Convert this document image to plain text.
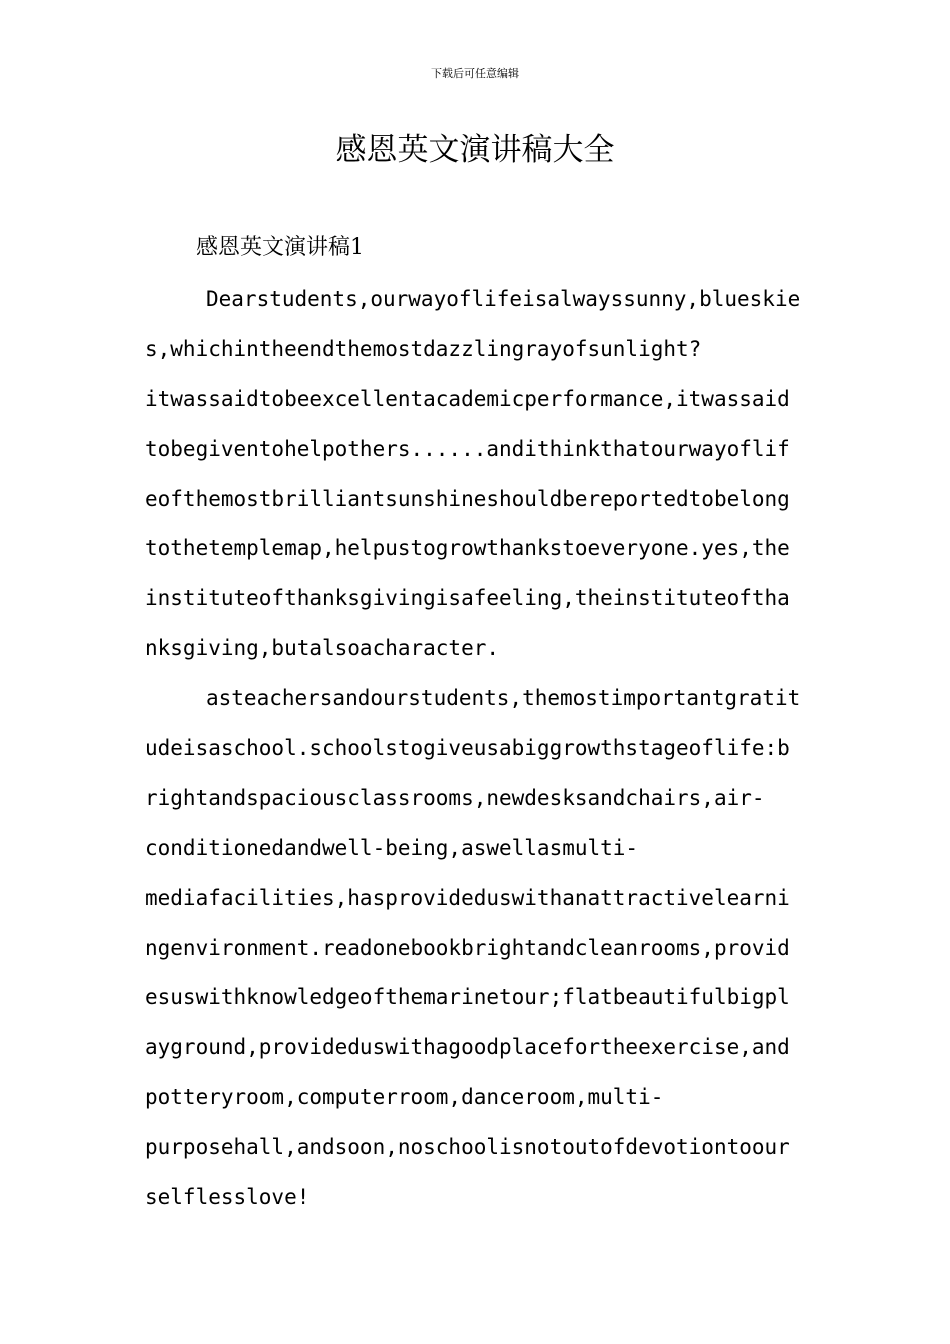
下载后可任意编辑
感恩英文演讲稿大全
感恩英文演讲稿1
Dearstudents,ourwayoflifeisalwayssunny,blueskie
s,whichintheendthemostdazzlingrayofsunlight?
itwassaidtobeexcellentacademicperformance,itwassaid
tobegiventohelpothers......andithinkthatourwayoflif
eofthemostbrilliantsunshineshouldbereportedtobelong
tothetemplemap,helpustogrowthankstoeveryone.yes,the
instituteofthanksgivingisafeeling,theinstituteoftha
nksgiving,butalsoacharacter.
asteachersandourstudents,themostimportantgratit
udeisaschool.schoolstogiveusabiggrowthstageoflife:b
rightandspaciousclassrooms,newdesksandchairs,air-
conditionedandwell-being,aswellasmulti-
mediafacilities,hasprovideduswithanattractivelearni
ngenvironment.readonebookbrightandcleanrooms,provid
esuswithknowledgeofthemarinetour;flatbeautifulbigpl
ayground,provideduswithagoodplacefortheexercise,and
potteryroom,computerroom,danceroom,multi-
purposehall,andsoon,noschoolisnotoutofdevotiontoour
selflesslove!
